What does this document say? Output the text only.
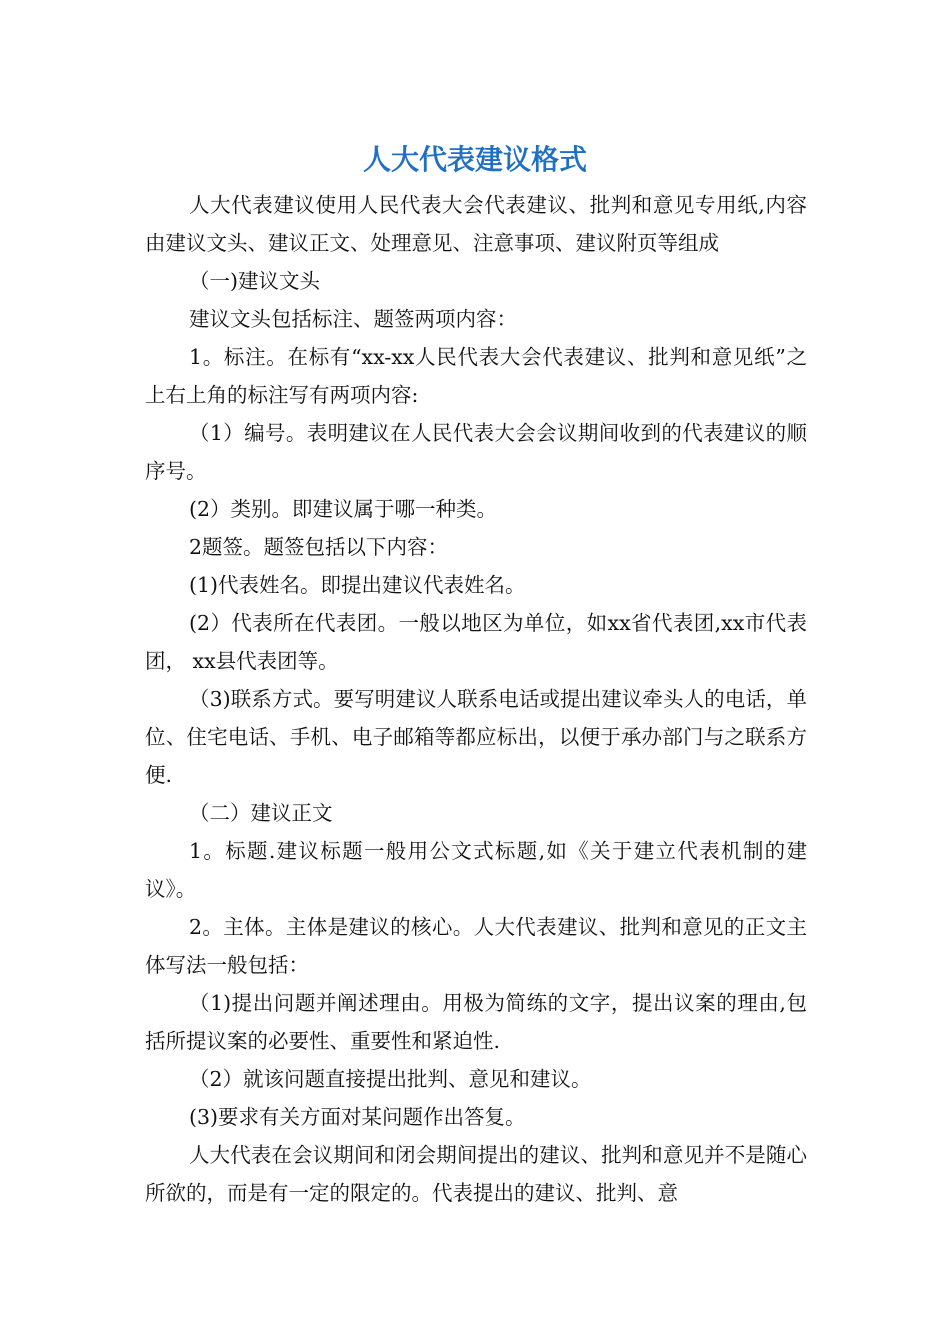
人大代表建议格式

人大代表建议使用人民代表大会代表建议、批判和意见专用纸,内容由建议文头、建议正文、处理意见、注意事项、建议附页等组成

（一)建议文头

建议文头包括标注、题签两项内容：

1。标注。在标有“xx-xx人民代表大会代表建议、批判和意见纸”之上右上角的标注写有两项内容:

（1）编号。表明建议在人民代表大会会议期间收到的代表建议的顺序号。

(2）类别。即建议属于哪一种类。

2题签。题签包括以下内容：

(1)代表姓名。即提出建议代表姓名。

(2）代表所在代表团。一般以地区为单位，如xx省代表团,xx市代表团， xx县代表团等。

（3)联系方式。要写明建议人联系电话或提出建议牵头人的电话，单位、住宅电话、手机、电子邮箱等都应标出，以便于承办部门与之联系方便.

（二）建议正文

1。标题.建议标题一般用公文式标题,如《关于建立代表机制的建议》。

2。主体。主体是建议的核心。人大代表建议、批判和意见的正文主体写法一般包括：

（1)提出问题并阐述理由。用极为简练的文字，提出议案的理由,包括所提议案的必要性、重要性和紧迫性.

（2）就该问题直接提出批判、意见和建议。

(3)要求有关方面对某问题作出答复。

人大代表在会议期间和闭会期间提出的建议、批判和意见并不是随心所欲的，而是有一定的限定的。代表提出的建议、批判、意
